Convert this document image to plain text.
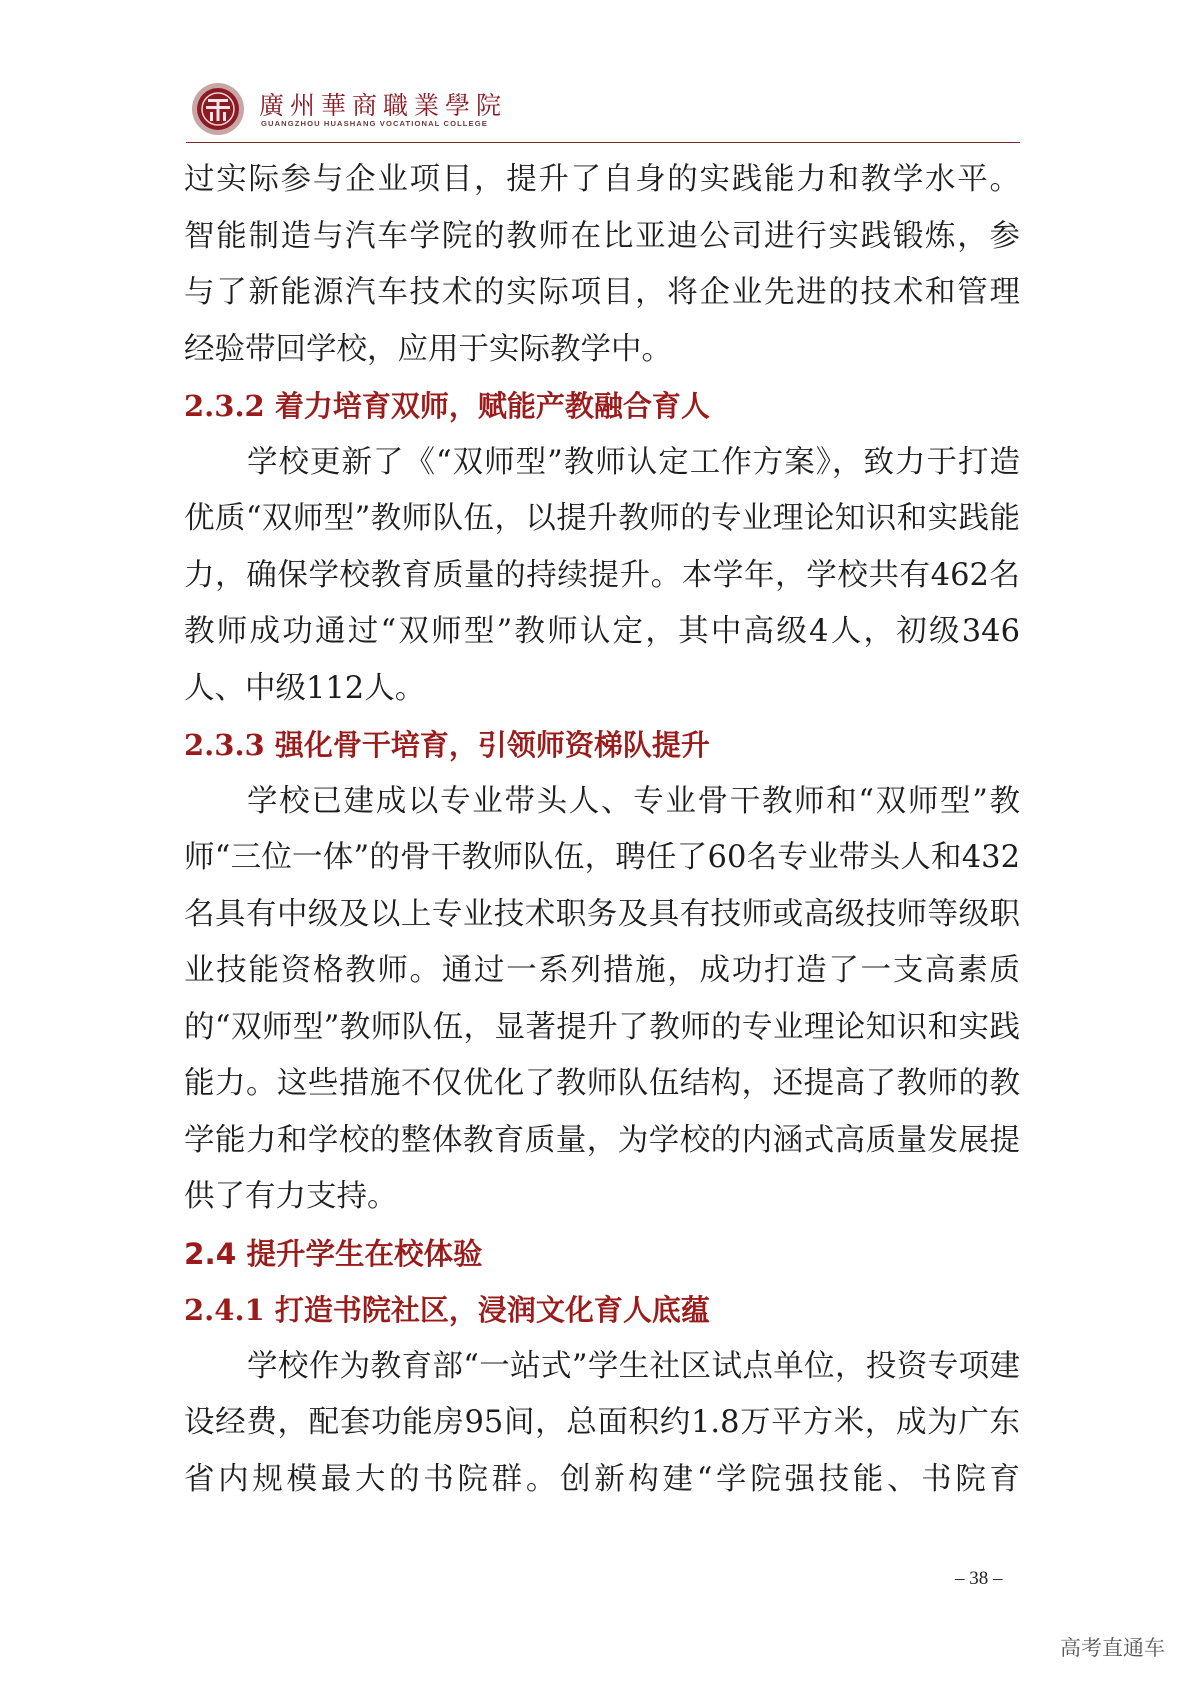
廣州華商職業學院
GUANGZHOU HUASHANG VOCATIONAL COLLEGE

过实际参与企业项目，提升了自身的实践能力和教学水平。

智能制造与汽车学院的教师在比亚迪公司进行实践锻炼，参

与了新能源汽车技术的实际项目，将企业先进的技术和管理

经验带回学校，应用于实际教学中。

2.3.2 着力培育双师，赋能产教融合育人

学校更新了《“双师型”教师认定工作方案》，致力于打造优质“双师型”教师队伍，以提升教师的专业理论知识和实践能力，确保学校教育质量的持续提升。本学年，学校共有462名教师成功通过“双师型”教师认定，其中高级4人，初级346人、中级112人。

2.3.3 强化骨干培育，引领师资梯队提升

学校已建成以专业带头人、专业骨干教师和“双师型”教师“三位一体”的骨干教师队伍，聘任了60名专业带头人和432名具有中级及以上专业技术职务及具有技师或高级技师等级职业技能资格教师。通过一系列措施，成功打造了一支高素质的“双师型”教师队伍，显著提升了教师的专业理论知识和实践能力。这些措施不仅优化了教师队伍结构，还提高了教师的教学能力和学校的整体教育质量，为学校的内涵式高质量发展提供了有力支持。

2.4 提升学生在校体验

2.4.1 打造书院社区，浸润文化育人底蕴

学校作为教育部“一站式”学生社区试点单位，投资专项建设经费，配套功能房95间，总面积约1.8万平方米，成为广东省内规模最大的书院群。创新构建“学院强技能、书院育

– 38 –
高考直通车
